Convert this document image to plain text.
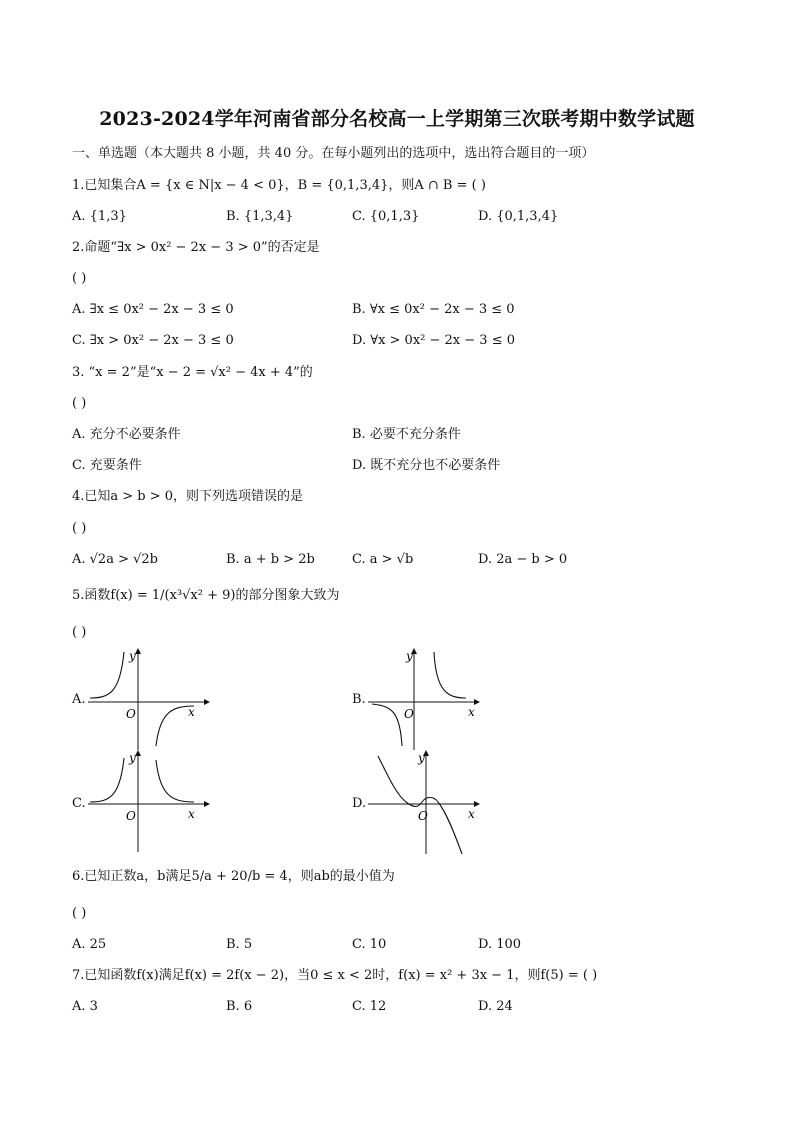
2023-2024学年河南省部分名校高一上学期第三次联考期中数学试题
一、单选题（本大题共 8 小题，共 40 分。在每小题列出的选项中，选出符合题目的一项）
1.已知集合A = {x ∈ N|x − 4 < 0}，B = {0,1,3,4}，则A ∩ B = ( )
A. {1,3}	B. {1,3,4}	C. {0,1,3}	D. {0,1,3,4}
2.命题“∃x > 0x² − 2x − 3 > 0”的否定是
( )
A. ∃x ≤ 0x² − 2x − 3 ≤ 0	B. ∀x ≤ 0x² − 2x − 3 ≤ 0
C. ∃x > 0x² − 2x − 3 ≤ 0	D. ∀x > 0x² − 2x − 3 ≤ 0
3. “x = 2”是“x − 2 = √x² − 4x + 4”的
( )
A. 充分不必要条件	B. 必要不充分条件
C. 充要条件	D. 既不充分也不必要条件
4.已知a > b > 0，则下列选项错误的是
( )
A. √2a > √2b	B. a + b > 2b	C. a > √b	D. 2a − b > 0
5.函数f(x) = 1/(x³√x² + 9)的部分图象大致为
( )
A.
O	x
y
B.
O	x
y
C.
O	x
y
D.
O	x
y
6.已知正数a，b满足5/a + 20/b = 4，则ab的最小值为
( )
A. 25	B. 5	C. 10	D. 100
7.已知函数f(x)满足f(x) = 2f(x − 2)，当0 ≤ x < 2时，f(x) = x² + 3x − 1，则f(5) = ( )
A. 3	B. 6	C. 12	D. 24
